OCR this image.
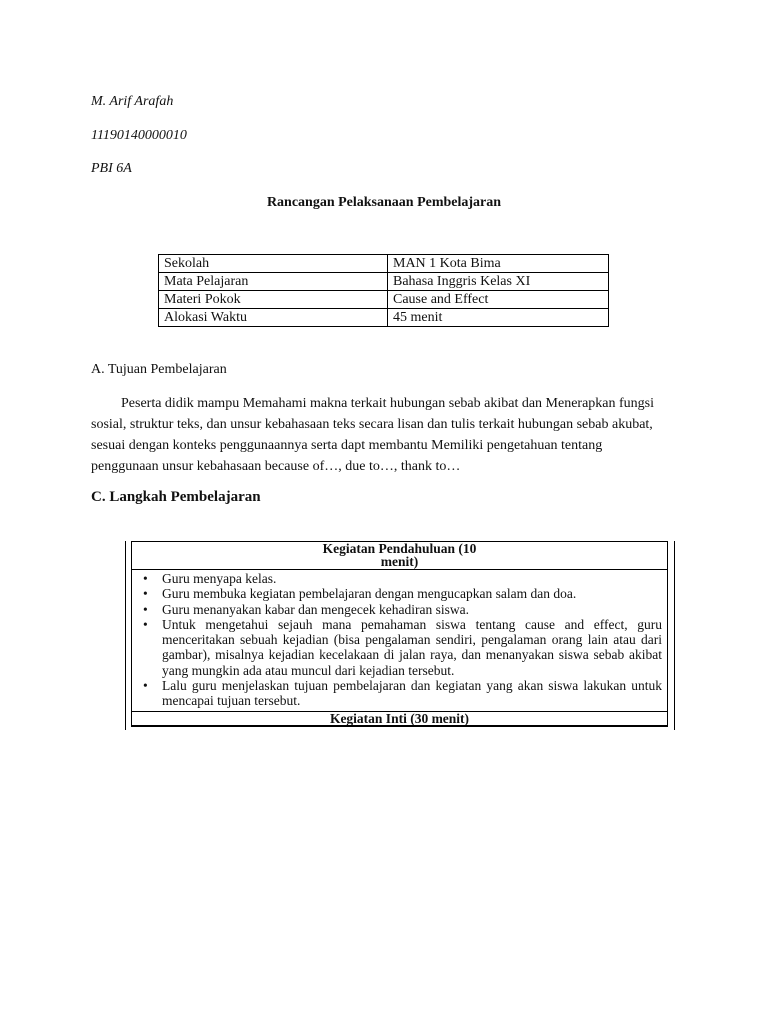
M. Arif Arafah
11190140000010
PBI 6A
Rancangan Pelaksanaan Pembelajaran
Sekolah	MAN 1 Kota Bima
Mata Pelajaran	Bahasa Inggris Kelas XI
Materi Pokok	Cause and Effect
Alokasi Waktu	45 menit
A. Tujuan Pembelajaran
Peserta didik mampu Memahami makna terkait hubungan sebab akibat dan Menerapkan fungsi sosial, struktur teks, dan unsur kebahasaan teks secara lisan dan tulis terkait hubungan sebab akubat, sesuai dengan konteks penggunaannya serta dapt membantu Memiliki pengetahuan tentang penggunaan unsur kebahasaan because of…, due to…, thank to…
C. Langkah Pembelajaran
Kegiatan Pendahuluan (10
menit)
• Guru menyapa kelas.
• Guru membuka kegiatan pembelajaran dengan mengucapkan salam dan doa.
• Guru menanyakan kabar dan mengecek kehadiran siswa.
• Untuk mengetahui sejauh mana pemahaman siswa tentang cause and effect, guru menceritakan sebuah kejadian (bisa pengalaman sendiri, pengalaman orang lain atau dari gambar), misalnya kejadian kecelakaan di jalan raya, dan menanyakan siswa sebab akibat yang mungkin ada atau muncul dari kejadian tersebut.
• Lalu guru menjelaskan tujuan pembelajaran dan kegiatan yang akan siswa lakukan untuk mencapai tujuan tersebut.
Kegiatan Inti (30 menit)
